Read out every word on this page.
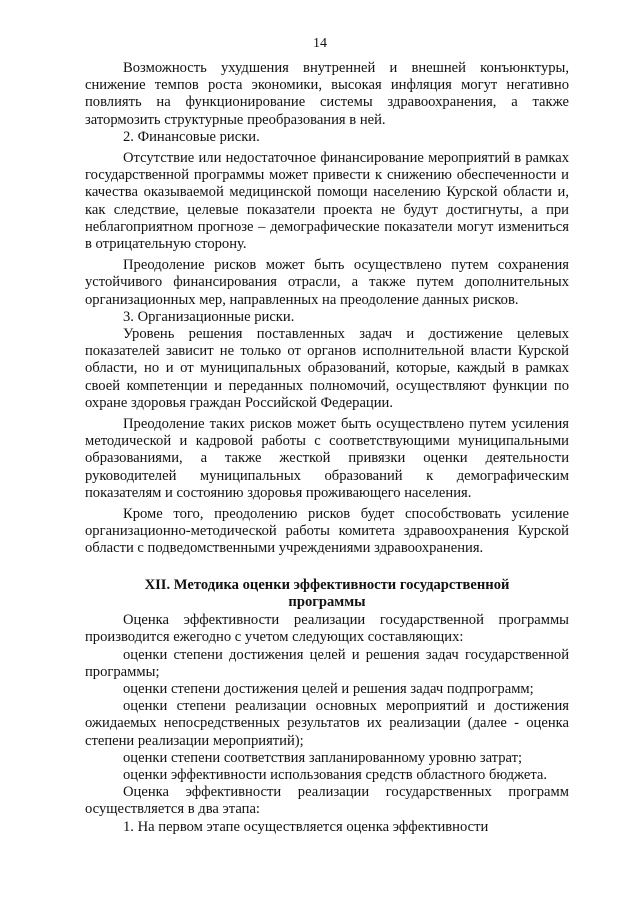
14

Возможность ухудшения внутренней и внешней конъюнктуры, снижение темпов роста экономики, высокая инфляция могут негативно повлиять на функционирование системы здравоохранения, а также затормозить структурные преобразования в ней.

2. Финансовые риски.

Отсутствие или недостаточное финансирование мероприятий в рамках государственной программы может привести к снижению обеспеченности и качества оказываемой медицинской помощи населению Курской области и, как следствие, целевые показатели проекта не будут достигнуты, а при неблагоприятном прогнозе – демографические показатели могут измениться в отрицательную сторону.

Преодоление рисков может быть осуществлено путем сохранения устойчивого финансирования отрасли, а также путем дополнительных организационных мер, направленных на преодоление данных рисков.

3. Организационные риски.

Уровень решения поставленных задач и достижение целевых показателей зависит не только от органов исполнительной власти Курской области, но и от муниципальных образований, которые, каждый в рамках своей компетенции и переданных полномочий, осуществляют функции по охране здоровья граждан Российской Федерации.

Преодоление таких рисков может быть осуществлено путем усиления методической и кадровой работы с соответствующими муниципальными образованиями, а также жесткой привязки оценки деятельности руководителей муниципальных образований к демографическим показателям и состоянию здоровья проживающего населения.

Кроме того, преодолению рисков будет способствовать усиление организационно-методической работы комитета здравоохранения Курской области с подведомственными учреждениями здравоохранения.

XII. Методика оценки эффективности государственной программы

Оценка эффективности реализации государственной программы производится ежегодно с учетом следующих составляющих:

оценки степени достижения целей и решения задач государственной программы;

оценки степени достижения целей и решения задач подпрограмм;

оценки степени реализации основных мероприятий и достижения ожидаемых непосредственных результатов их реализации (далее - оценка степени реализации мероприятий);

оценки степени соответствия запланированному уровню затрат;

оценки эффективности использования средств областного бюджета.

Оценка эффективности реализации государственных программ осуществляется в два этапа:

1. На первом этапе осуществляется оценка эффективности
